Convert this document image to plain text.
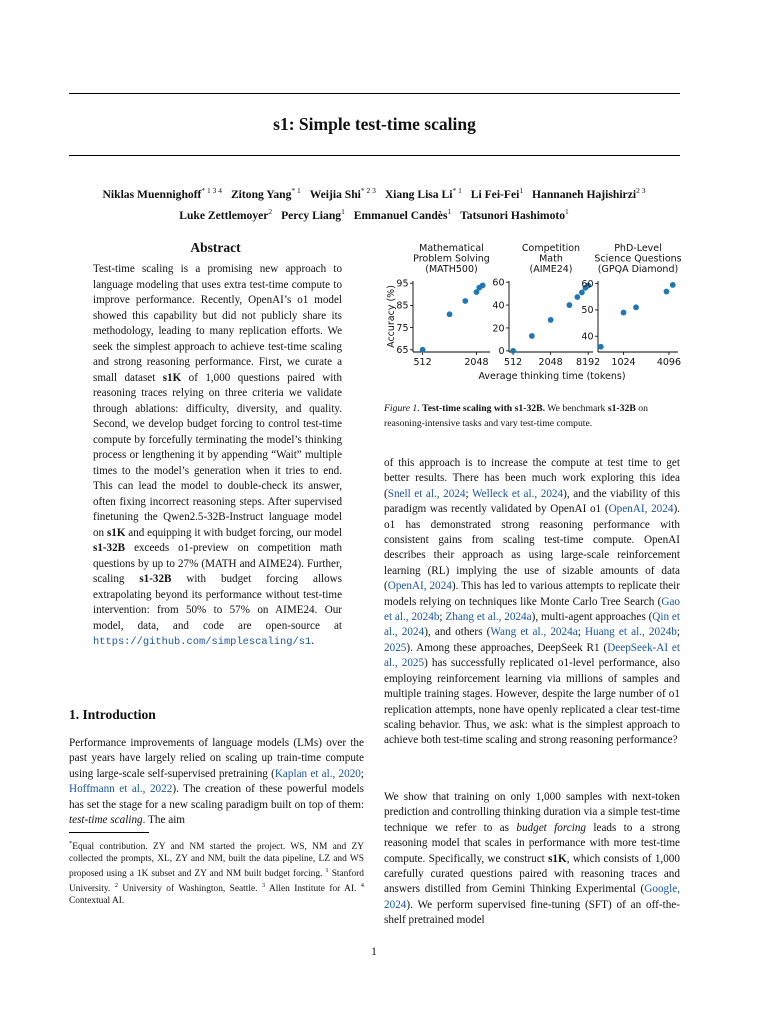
s1: Simple test-time scaling
Niklas Muennighoff$^{* 1 3 4}$ Zitong Yang$^{* 1}$ Weijia Shi$^{* 2 3}$ Xiang Lisa Li$^{* 1}$ Li Fei-Fei$^1$ Hannaneh Hajishirzi$^{2 3}$
Luke Zettlemoyer$^2$ Percy Liang$^1$ Emmanuel Candès$^1$ Tatsunori Hashimoto$^1$
Abstract
Test-time scaling is a promising new approach to language modeling that uses extra test-time compute to improve performance. Recently, OpenAI’s o1 model showed this capability but did not publicly share its methodology, leading to many replication efforts. We seek the simplest approach to achieve test-time scaling and strong reasoning performance. First, we curate a small dataset s1K of 1,000 questions paired with reasoning traces relying on three criteria we validate through ablations: difficulty, diversity, and quality. Second, we develop budget forcing to control test-time compute by forcefully terminating the model’s thinking process or lengthening it by appending “Wait” multiple times to the model’s generation when it tries to end. This can lead the model to double-check its answer, often fixing incorrect reasoning steps. After supervised finetuning the Qwen2.5-32B-Instruct language model on s1K and equipping it with budget forcing, our model s1-32B exceeds o1-preview on competition math questions by up to 27% (MATH and AIME24). Further, scaling s1-32B with budget forcing allows extrapolating beyond its performance without test-time intervention: from 50% to 57% on AIME24. Our model, data, and code are open-source at https://github.com/simplescaling/s1.
1. Introduction
Performance improvements of language models (LMs) over the past years have largely relied on scaling up train-time compute using large-scale self-supervised pretraining (Kaplan et al., 2020; Hoffmann et al., 2022). The creation of these powerful models has set the stage for a new scaling paradigm built on top of them: test-time scaling. The aim
*Equal contribution. ZY and NM started the project. WS, NM and ZY collected the prompts, XL, ZY and NM, built the data pipeline, LZ and WS proposed using a 1K subset and ZY and NM built budget forcing. $^1$ Stanford University. $^2$ University of Washington, Seattle. $^3$ Allen Institute for AI. $^4$ Contextual AI.
Mathematical
Problem Solving
(MATH500)
65
75
85
95
512	2048
Competition
Math
(AIME24)
0
20
40
60
512 2048 8192
PhD-Level
Science Questions
(GPQA Diamond)
40
50
60
1024 4096
Accuracy (%)
Average thinking time (tokens)
Figure 1. Test-time scaling with s1-32B. We benchmark s1-32B on reasoning-intensive tasks and vary test-time compute.
of this approach is to increase the compute at test time to get better results. There has been much work exploring this idea (Snell et al., 2024; Welleck et al., 2024), and the viability of this paradigm was recently validated by OpenAI o1 (OpenAI, 2024). o1 has demonstrated strong reasoning performance with consistent gains from scaling test-time compute. OpenAI describes their approach as using large-scale reinforcement learning (RL) implying the use of sizable amounts of data (OpenAI, 2024). This has led to various attempts to replicate their models relying on techniques like Monte Carlo Tree Search (Gao et al., 2024b; Zhang et al., 2024a), multi-agent approaches (Qin et al., 2024), and others (Wang et al., 2024a; Huang et al., 2024b; 2025). Among these approaches, DeepSeek R1 (DeepSeek-AI et al., 2025) has successfully replicated o1-level performance, also employing reinforcement learning via millions of samples and multiple training stages. However, despite the large number of o1 replication attempts, none have openly replicated a clear test-time scaling behavior. Thus, we ask: what is the simplest approach to achieve both test-time scaling and strong reasoning performance?
We show that training on only 1,000 samples with next-token prediction and controlling thinking duration via a simple test-time technique we refer to as budget forcing leads to a strong reasoning model that scales in performance with more test-time compute. Specifically, we construct s1K, which consists of 1,000 carefully curated questions paired with reasoning traces and answers distilled from Gemini Thinking Experimental (Google, 2024). We perform supervised fine-tuning (SFT) of an off-the-shelf pretrained model
1
